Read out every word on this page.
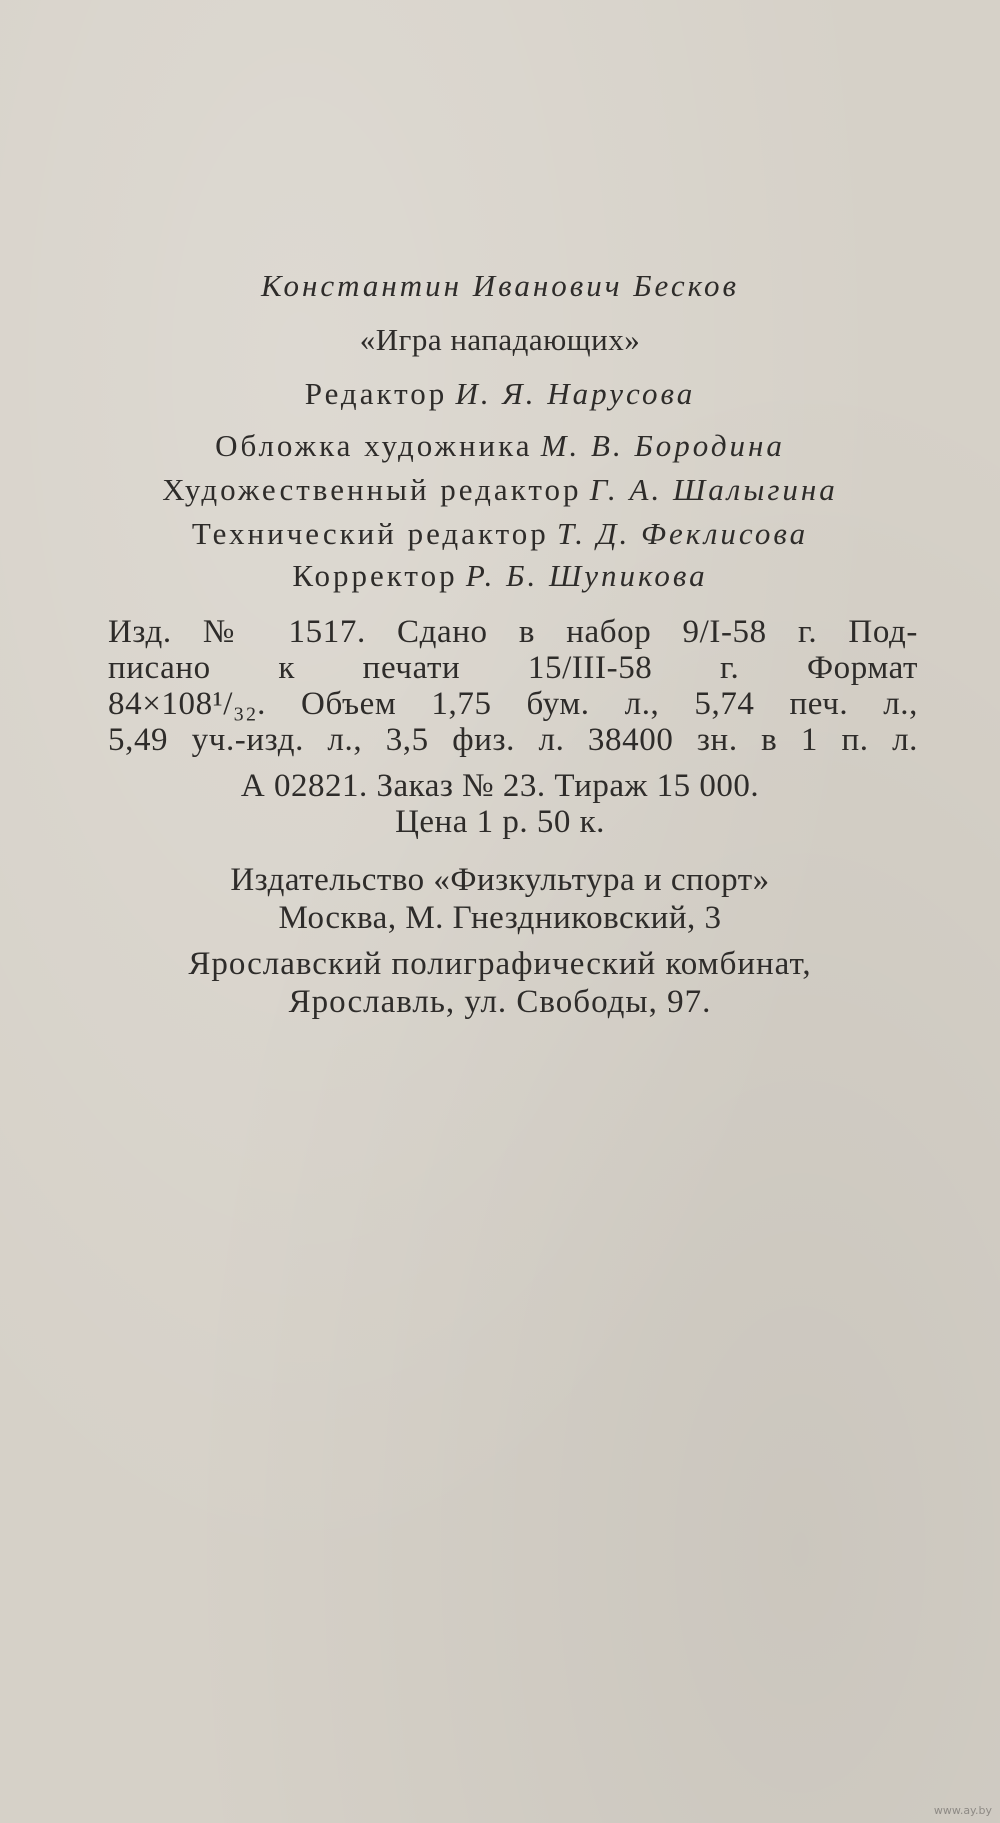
Константин Иванович Бесков
«Игра нападающих»
Редактор И. Я. Нарусова
Обложка художника М. В. Бородина
Художественный редактор Г. А. Шалыгина
Технический редактор Т. Д. Феклисова
Корректор Р. Б. Шупикова
Изд. № 1517. Сдано в набор 9/I-58 г. Под-
писано к печати 15/III-58 г. Формат
84×108¹/₃₂. Объем 1,75 бум. л., 5,74 печ. л.,
5,49 уч.-изд. л., 3,5 физ. л. 38400 зн. в 1 п. л.
А 02821. Заказ № 23. Тираж 15 000.
Цена 1 р. 50 к.
Издательство «Физкультура и спорт»
Москва, М. Гнездниковский, 3
Ярославский полиграфический комбинат,
Ярославль, ул. Свободы, 97.
www.ay.by
